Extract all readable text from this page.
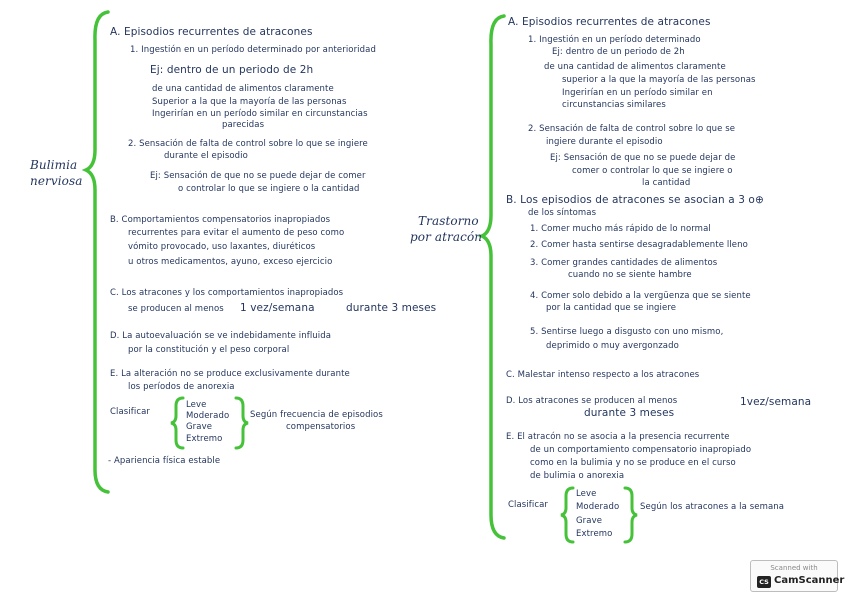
Bulimia
nerviosa
A. Episodios recurrentes de atracones
1. Ingestión en un período determinado por anterioridad
Ej: dentro de un periodo de 2h
de una cantidad de alimentos claramente
Superior a la que la mayoría de las personas
Ingerirían en un período similar en circunstancias
parecidas
2. Sensación de falta de control sobre lo que se ingiere
durante el episodio
Ej: Sensación de que no se puede dejar de comer
o controlar lo que se ingiere o la cantidad
B. Comportamientos compensatorios inapropiados
recurrentes para evitar el aumento de peso como
vómito provocado, uso laxantes, diuréticos
u otros medicamentos, ayuno, exceso ejercicio
C. Los atracones y los comportamientos inapropiados
se producen al menos 1 vez/semana	durante 3 meses
D. La autoevaluación se ve indebidamente influida
por la constitución y el peso corporal
E. La alteración no se produce exclusivamente durante
los períodos de anorexia
Clasificar
Leve
Moderado
Grave
Extremo
Según frecuencia de episodios
compensatorios
- Apariencia física estable
Trastorno
por atracón
A. Episodios recurrentes de atracones
1. Ingestión en un período determinado
Ej: dentro de un periodo de 2h
de una cantidad de alimentos claramente
superior a la que la mayoría de las personas
Ingerirían en un período similar en
circunstancias similares
2. Sensación de falta de control sobre lo que se
ingiere durante el episodio
Ej: Sensación de que no se puede dejar de
comer o controlar lo que se ingiere o
la cantidad
B. Los episodios de atracones se asocian a 3 o⊕
de los síntomas
1. Comer mucho más rápido de lo normal
2. Comer hasta sentirse desagradablemente lleno
3. Comer grandes cantidades de alimentos
cuando no se siente hambre
4. Comer solo debido a la vergüenza que se siente
por la cantidad que se ingiere
5. Sentirse luego a disgusto con uno mismo,
deprimido o muy avergonzado
C. Malestar intenso respecto a los atracones
D. Los atracones se producen al menos	1vez/semana
durante 3 meses
E. El atracón no se asocia a la presencia recurrente
de un comportamiento compensatorio inapropiado
como en la bulimia y no se produce en el curso
de bulimia o anorexia
Clasificar
Leve
Moderado
Grave
Extremo
Según los atracones a la semana
Scanned with
CS CamScanner
